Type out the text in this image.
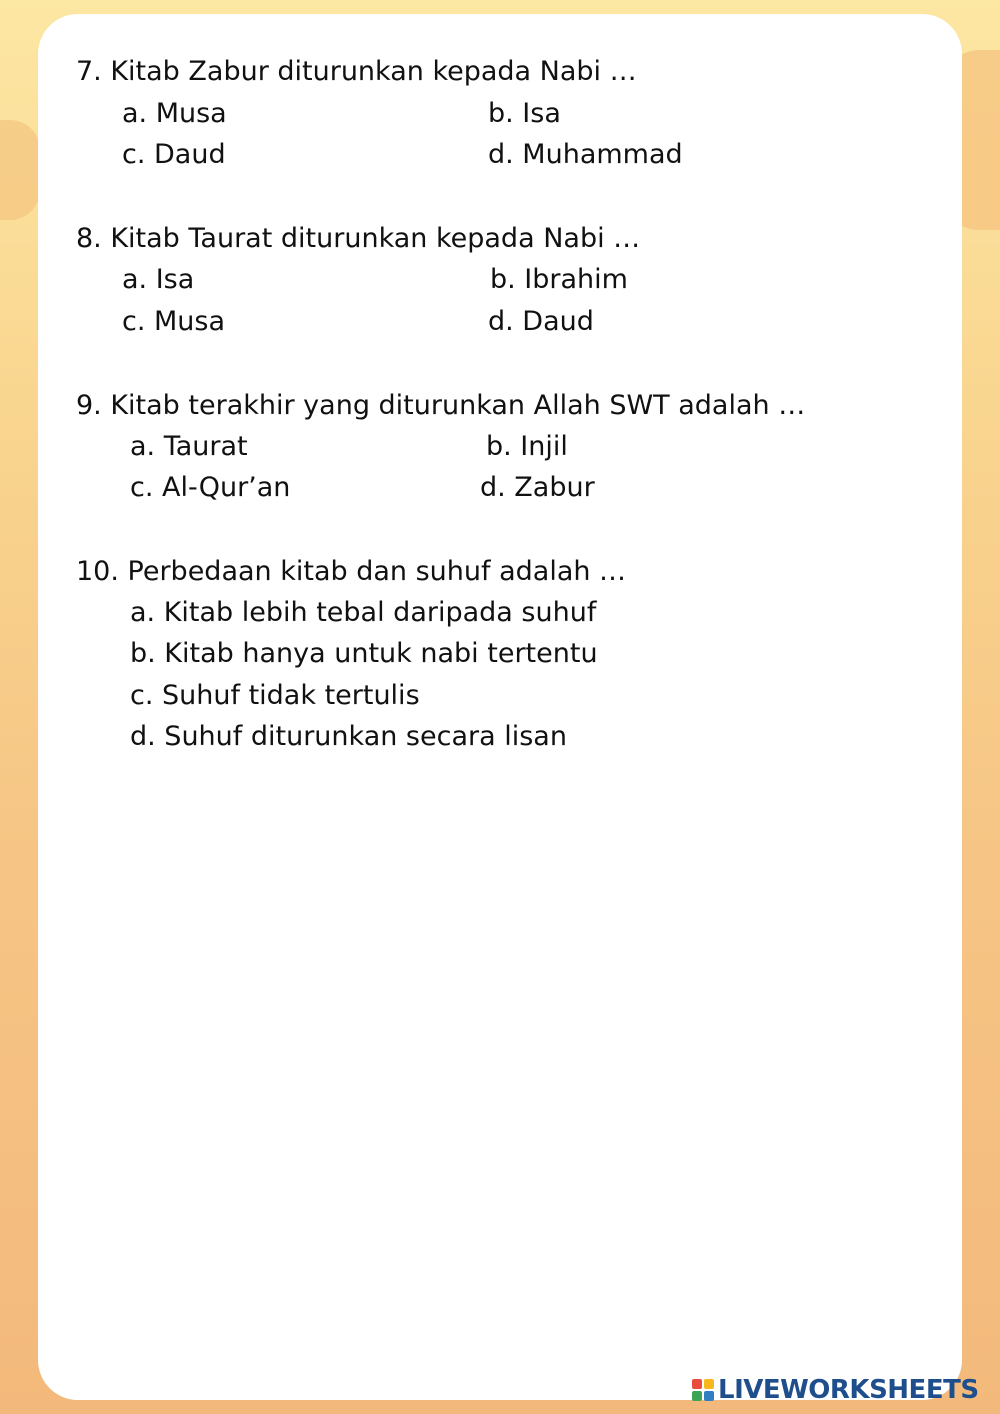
7. Kitab Zabur diturunkan kepada Nabi …
a. Musa	b. Isa
c. Daud	d. Muhammad
8. Kitab Taurat diturunkan kepada Nabi …
a. Isa	b. Ibrahim
c. Musa	d. Daud
9. Kitab terakhir yang diturunkan Allah SWT adalah …
a. Taurat	b. Injil
c. Al-Qur’an	d. Zabur
10. Perbedaan kitab dan suhuf adalah …
a. Kitab lebih tebal daripada suhuf
b. Kitab hanya untuk nabi tertentu
c. Suhuf tidak tertulis
d. Suhuf diturunkan secara lisan
LIVEWORKSHEETS
